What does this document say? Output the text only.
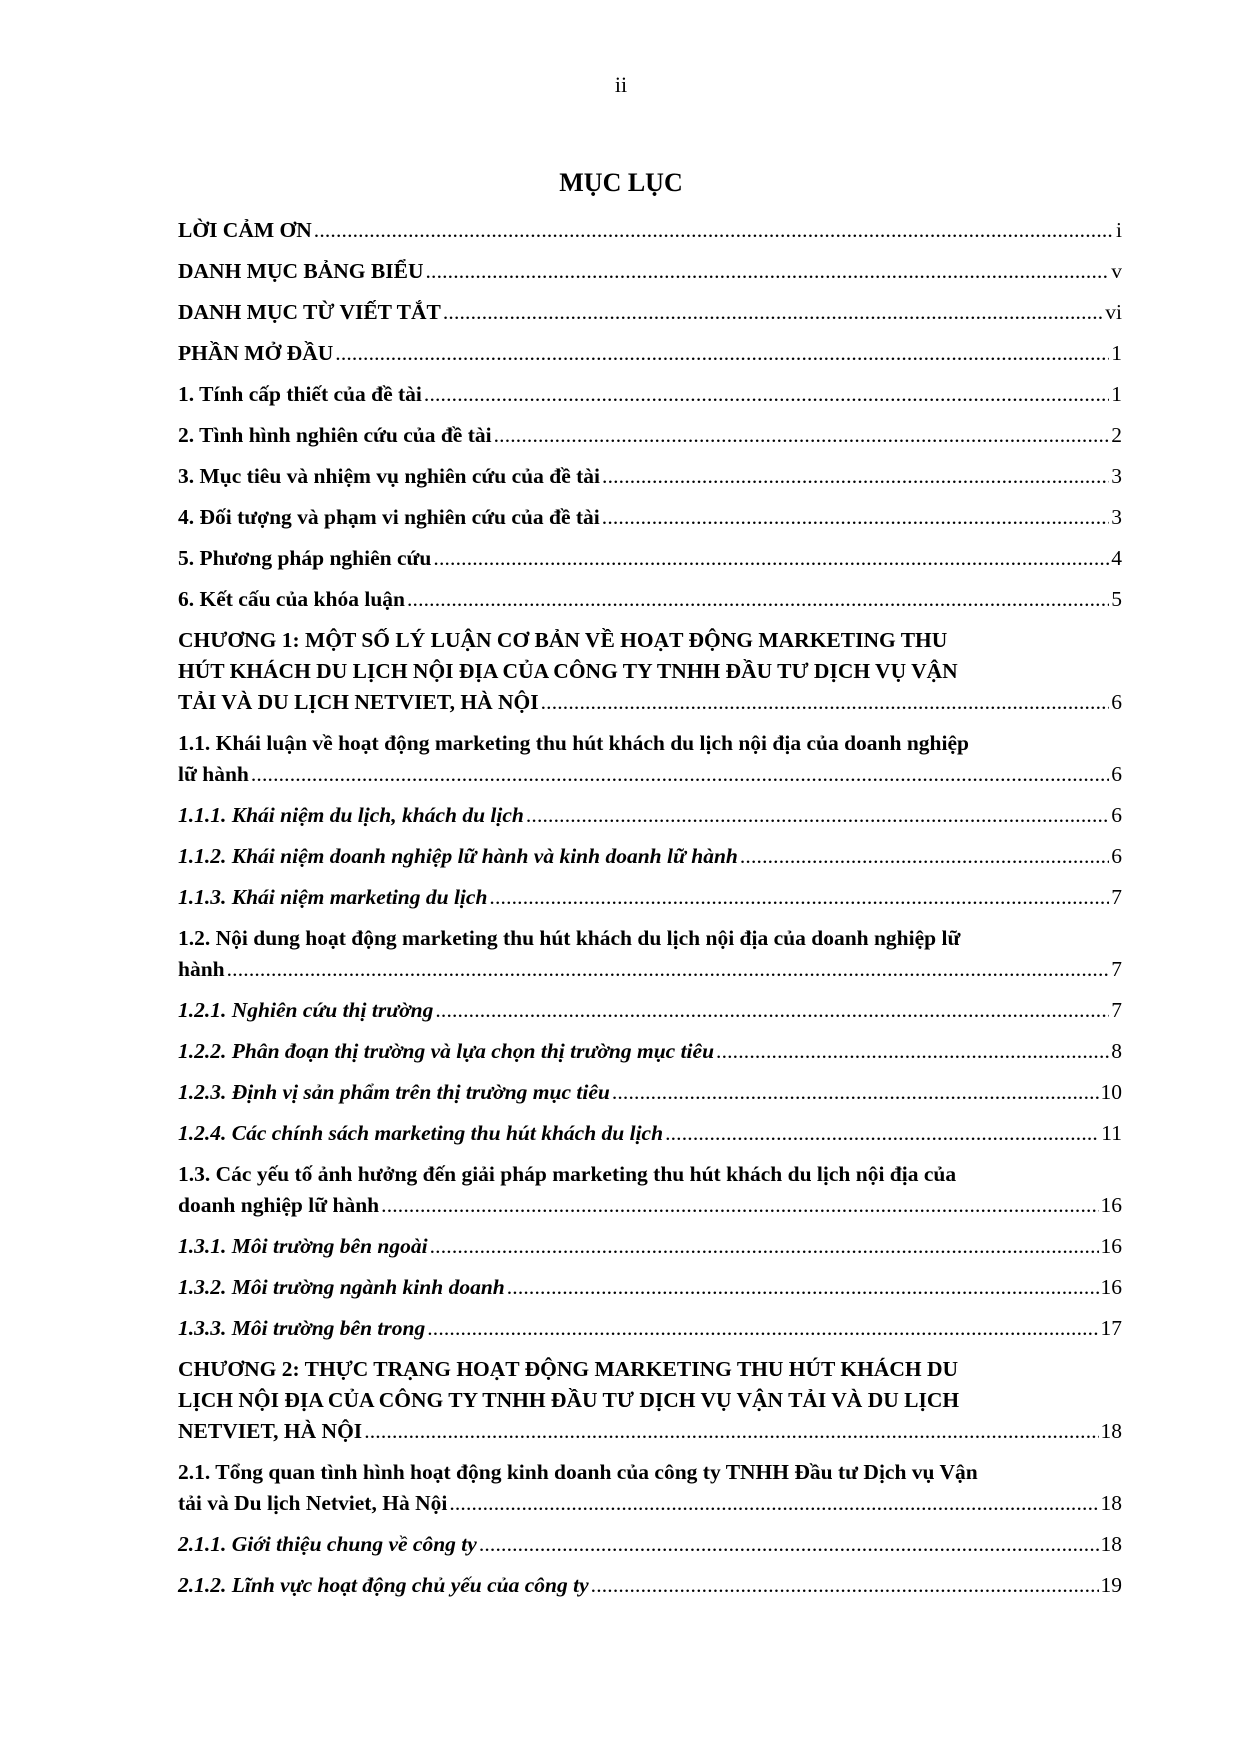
ii
MỤC LỤC
LỜI CẢM ƠN . . .	i
DANH MỤC BẢNG BIỂU . . .	v
DANH MỤC TỪ VIẾT TẮT . . .	vi
PHẦN MỞ ĐẦU . . .	1
1. Tính cấp thiết của đề tài . . .	1
2. Tình hình nghiên cứu của đề tài . . .	2
3. Mục tiêu và nhiệm vụ nghiên cứu của đề tài . . .	3
4. Đối tượng và phạm vi nghiên cứu của đề tài . . .	3
5. Phương pháp nghiên cứu . . .	4
6. Kết cấu của khóa luận . . .	5
CHƯƠNG 1: MỘT SỐ LÝ LUẬN CƠ BẢN VỀ HOẠT ĐỘNG MARKETING THU
HÚT KHÁCH DU LỊCH NỘI ĐỊA CỦA CÔNG TY TNHH ĐẦU TƯ DỊCH VỤ VẬN
TẢI VÀ DU LỊCH NETVIET, HÀ NỘI . . .	6
1.1. Khái luận về hoạt động marketing thu hút khách du lịch nội địa của doanh nghiệp
lữ hành . . .	6
1.1.1. Khái niệm du lịch, khách du lịch . . .	6
1.1.2. Khái niệm doanh nghiệp lữ hành và kinh doanh lữ hành . . .	6
1.1.3. Khái niệm marketing du lịch . . .	7
1.2. Nội dung hoạt động marketing thu hút khách du lịch nội địa của doanh nghiệp lữ
hành . . .	7
1.2.1. Nghiên cứu thị trường . . .	7
1.2.2. Phân đoạn thị trường và lựa chọn thị trường mục tiêu . . .	8
1.2.3. Định vị sản phẩm trên thị trường mục tiêu . . .	10
1.2.4. Các chính sách marketing thu hút khách du lịch . . .	11
1.3. Các yếu tố ảnh hưởng đến giải pháp marketing thu hút khách du lịch nội địa của
doanh nghiệp lữ hành . . .	16
1.3.1. Môi trường bên ngoài . . .	16
1.3.2. Môi trường ngành kinh doanh . . .	16
1.3.3. Môi trường bên trong . . .	17
CHƯƠNG 2: THỰC TRẠNG HOẠT ĐỘNG MARKETING THU HÚT KHÁCH DU
LỊCH NỘI ĐỊA CỦA CÔNG TY TNHH ĐẦU TƯ DỊCH VỤ VẬN TẢI VÀ DU LỊCH
NETVIET, HÀ NỘI . . .	18
2.1. Tổng quan tình hình hoạt động kinh doanh của công ty TNHH Đầu tư Dịch vụ Vận
tải và Du lịch Netviet, Hà Nội . . .	18
2.1.1. Giới thiệu chung về công ty . . .	18
2.1.2. Lĩnh vực hoạt động chủ yếu của công ty . . .	19
